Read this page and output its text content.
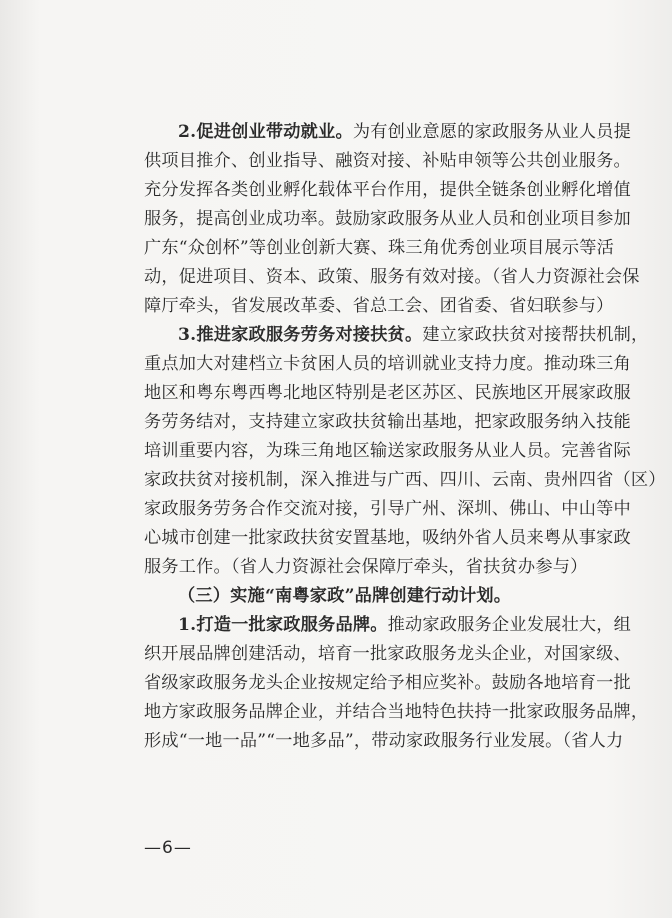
2.促进创业带动就业。为有创业意愿的家政服务从业人员提
供项目推介、创业指导、融资对接、补贴申领等公共创业服务。
充分发挥各类创业孵化载体平台作用，提供全链条创业孵化增值
服务，提高创业成功率。鼓励家政服务从业人员和创业项目参加
广东“众创杯”等创业创新大赛、珠三角优秀创业项目展示等活
动，促进项目、资本、政策、服务有效对接。（省人力资源社会保
障厅牵头，省发展改革委、省总工会、团省委、省妇联参与）
3.推进家政服务劳务对接扶贫。建立家政扶贫对接帮扶机制，
重点加大对建档立卡贫困人员的培训就业支持力度。推动珠三角
地区和粤东粤西粤北地区特别是老区苏区、民族地区开展家政服
务劳务结对，支持建立家政扶贫输出基地，把家政服务纳入技能
培训重要内容，为珠三角地区输送家政服务从业人员。完善省际
家政扶贫对接机制，深入推进与广西、四川、云南、贵州四省（区）
家政服务劳务合作交流对接，引导广州、深圳、佛山、中山等中
心城市创建一批家政扶贫安置基地，吸纳外省人员来粤从事家政
服务工作。（省人力资源社会保障厅牵头，省扶贫办参与）
（三）实施“南粤家政”品牌创建行动计划。
1.打造一批家政服务品牌。推动家政服务企业发展壮大，组
织开展品牌创建活动，培育一批家政服务龙头企业，对国家级、
省级家政服务龙头企业按规定给予相应奖补。鼓励各地培育一批
地方家政服务品牌企业，并结合当地特色扶持一批家政服务品牌，
形成“一地一品”“一地多品”，带动家政服务行业发展。（省人力
—6—
